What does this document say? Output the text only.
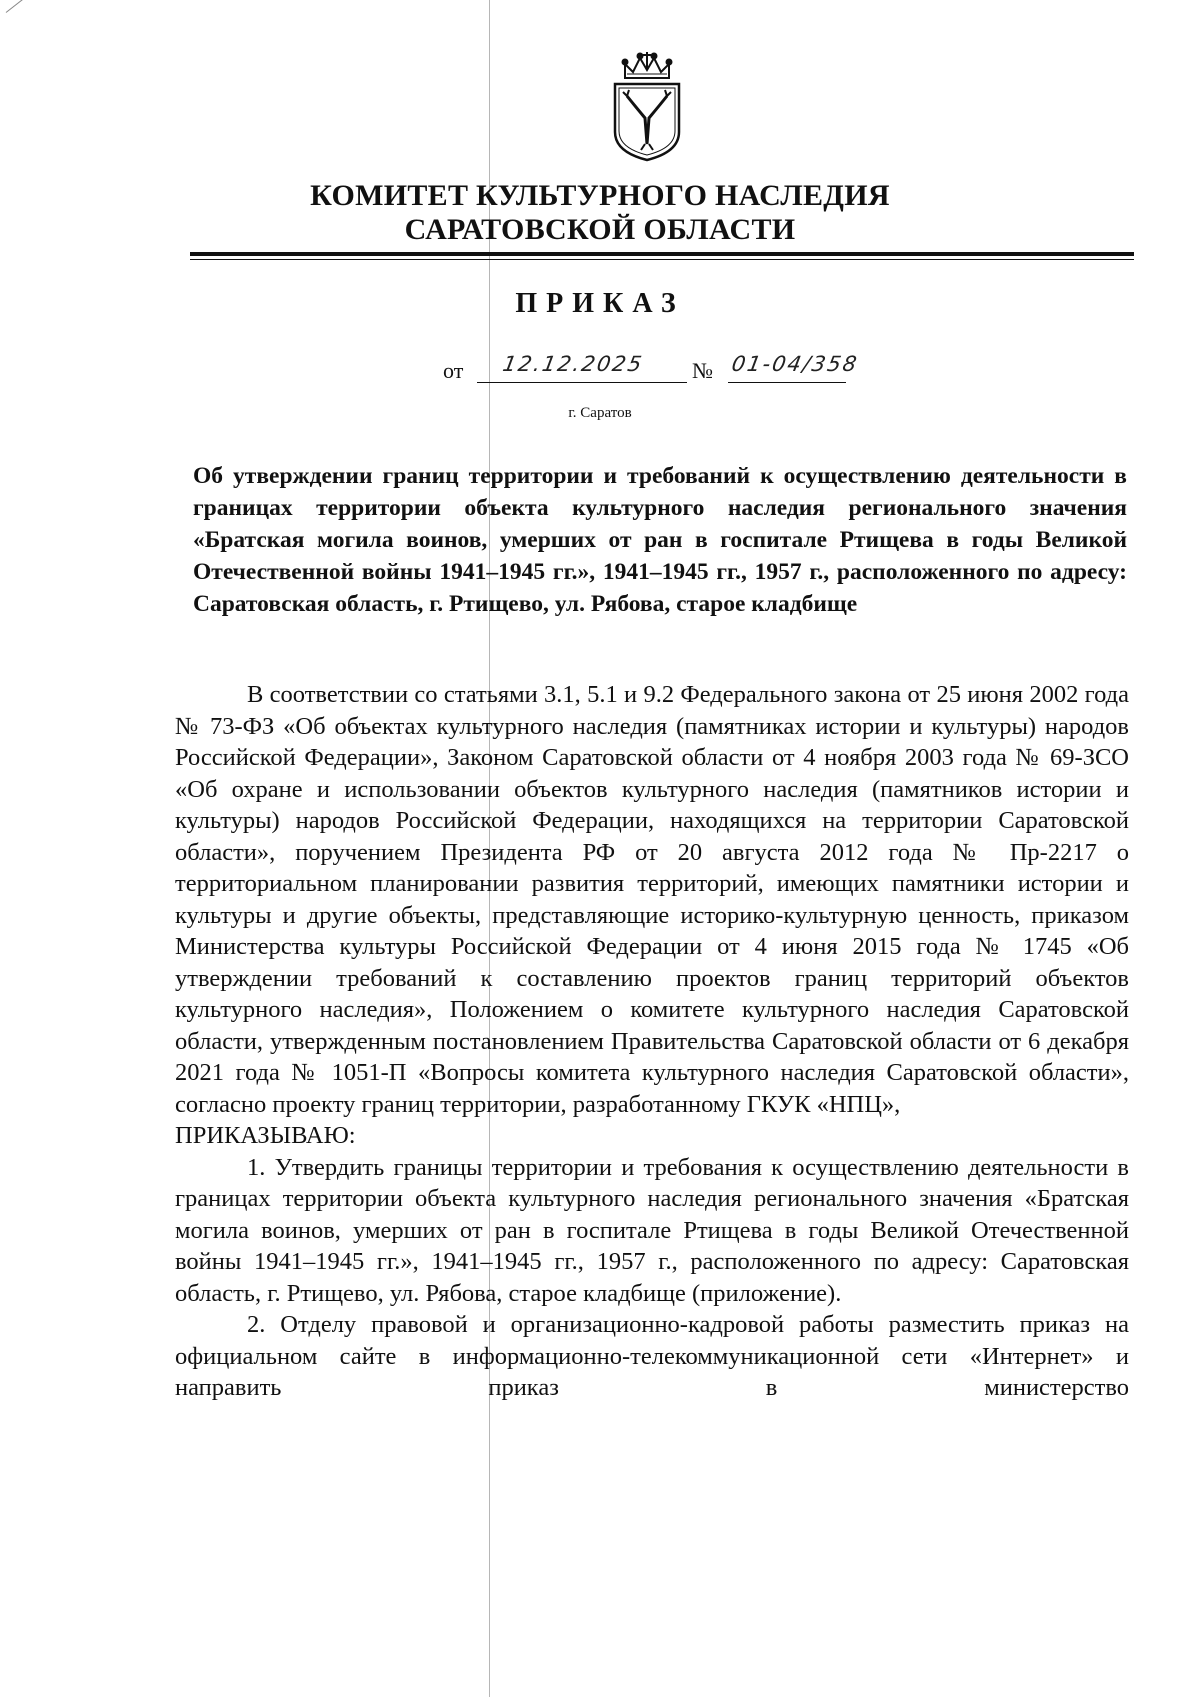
КОМИТЕТ КУЛЬТУРНОГО НАСЛЕДИЯ
САРАТОВСКОЙ ОБЛАСТИ
ПРИКАЗ
от 12.12.2025 № 01-04/358
г. Саратов

Об утверждении границ территории и требований к осуществлению деятельности в границах территории объекта культурного наследия регионального значения «Братская могила воинов, умерших от ран в госпитале Ртищева в годы Великой Отечественной войны 1941–1945 гг.», 1941–1945 гг., 1957 г., расположенного по адресу: Саратовская область, г. Ртищево, ул. Рябова, старое кладбище

В соответствии со статьями 3.1, 5.1 и 9.2 Федерального закона от 25 июня 2002 года № 73-ФЗ «Об объектах культурного наследия (памятниках истории и культуры) народов Российской Федерации», Законом Саратовской области от 4 ноября 2003 года № 69-ЗСО «Об охране и использовании объектов культурного наследия (памятников истории и культуры) народов Российской Федерации, находящихся на территории Саратовской области», поручением Президента РФ от 20 августа 2012 года № Пр-2217 о территориальном планировании развития территорий, имеющих памятники истории и культуры и другие объекты, представляющие историко-культурную ценность, приказом Министерства культуры Российской Федерации от 4 июня 2015 года № 1745 «Об утверждении требований к составлению проектов границ территорий объектов культурного наследия», Положением о комитете культурного наследия Саратовской области, утвержденным постановлением Правительства Саратовской области от 6 декабря 2021 года № 1051-П «Вопросы комитета культурного наследия Саратовской области», согласно проекту границ территории, разработанному ГКУК «НПЦ»,

ПРИКАЗЫВАЮ:

1. Утвердить границы территории и требования к осуществлению деятельности в границах территории объекта культурного наследия регионального значения «Братская могила воинов, умерших от ран в госпитале Ртищева в годы Великой Отечественной войны 1941–1945 гг.», 1941–1945 гг., 1957 г., расположенного по адресу: Саратовская область, г. Ртищево, ул. Рябова, старое кладбище (приложение).

2. Отделу правовой и организационно-кадровой работы разместить приказ на официальном сайте в информационно-телекоммуникационной сети «Интернет» и направить приказ в министерство
